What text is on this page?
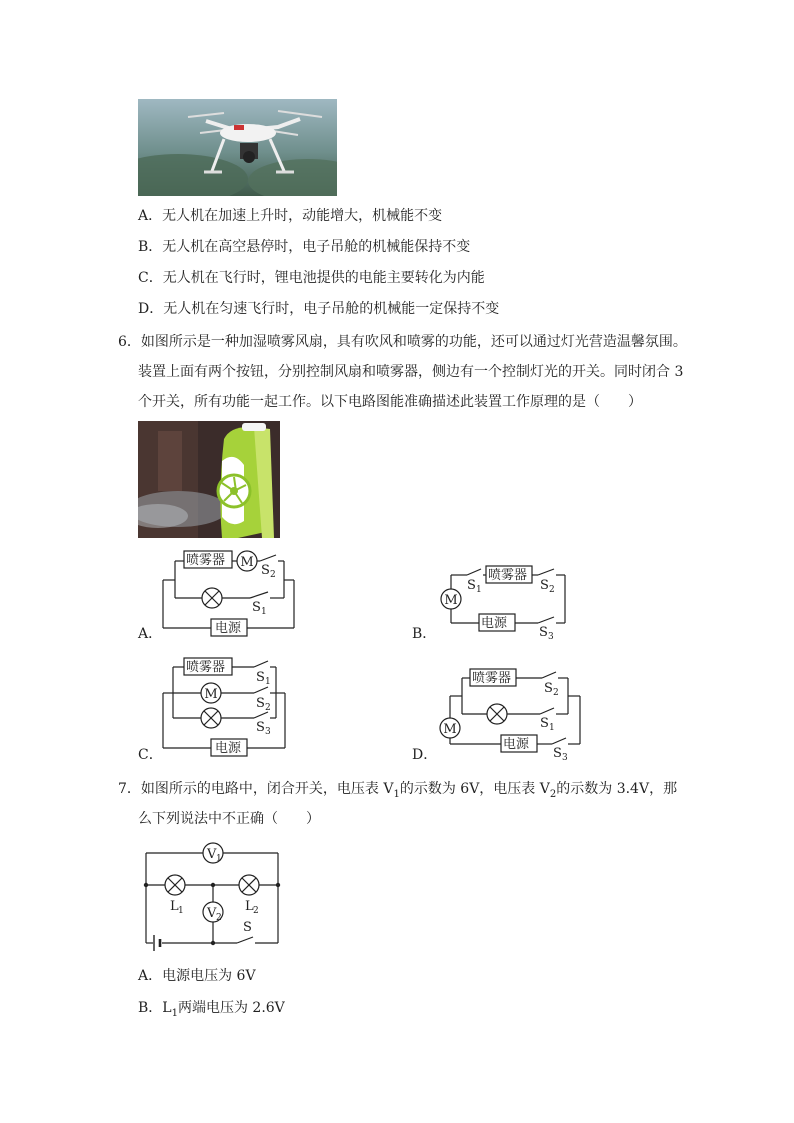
A．无人机在加速上升时，动能增大，机械能不变
B．无人机在高空悬停时，电子吊舱的机械能保持不变
C．无人机在飞行时，锂电池提供的电能主要转化为内能
D．无人机在匀速飞行时，电子吊舱的机械能一定保持不变
6．如图所示是一种加湿喷雾风扇，具有吹风和喷雾的功能，还可以通过灯光营造温馨氛围。
装置上面有两个按钮，分别控制风扇和喷雾器，侧边有一个控制灯光的开关。同时闭合 3
个开关，所有功能一起工作。以下电路图能准确描述此装置工作原理的是（　　）
A．	B．
C．	D．
喷雾器 M
S 2
S 1
电源
喷雾器
M
S 1	S 2
电源
S 3
喷雾器
S 1
M
S 2
S 3
电源
喷雾器
S 2
S 1
M
电源
S 3
7．如图所示的电路中，闭合开关，电压表 $V_1$的示数为 6V，电压表 $V_2$的示数为 3.4V，那
么下列说法中不正确（　　）
V 1
V 2
L 1	L 2
S
A．电源电压为 6V
B．$L_1$两端电压为 2.6V
